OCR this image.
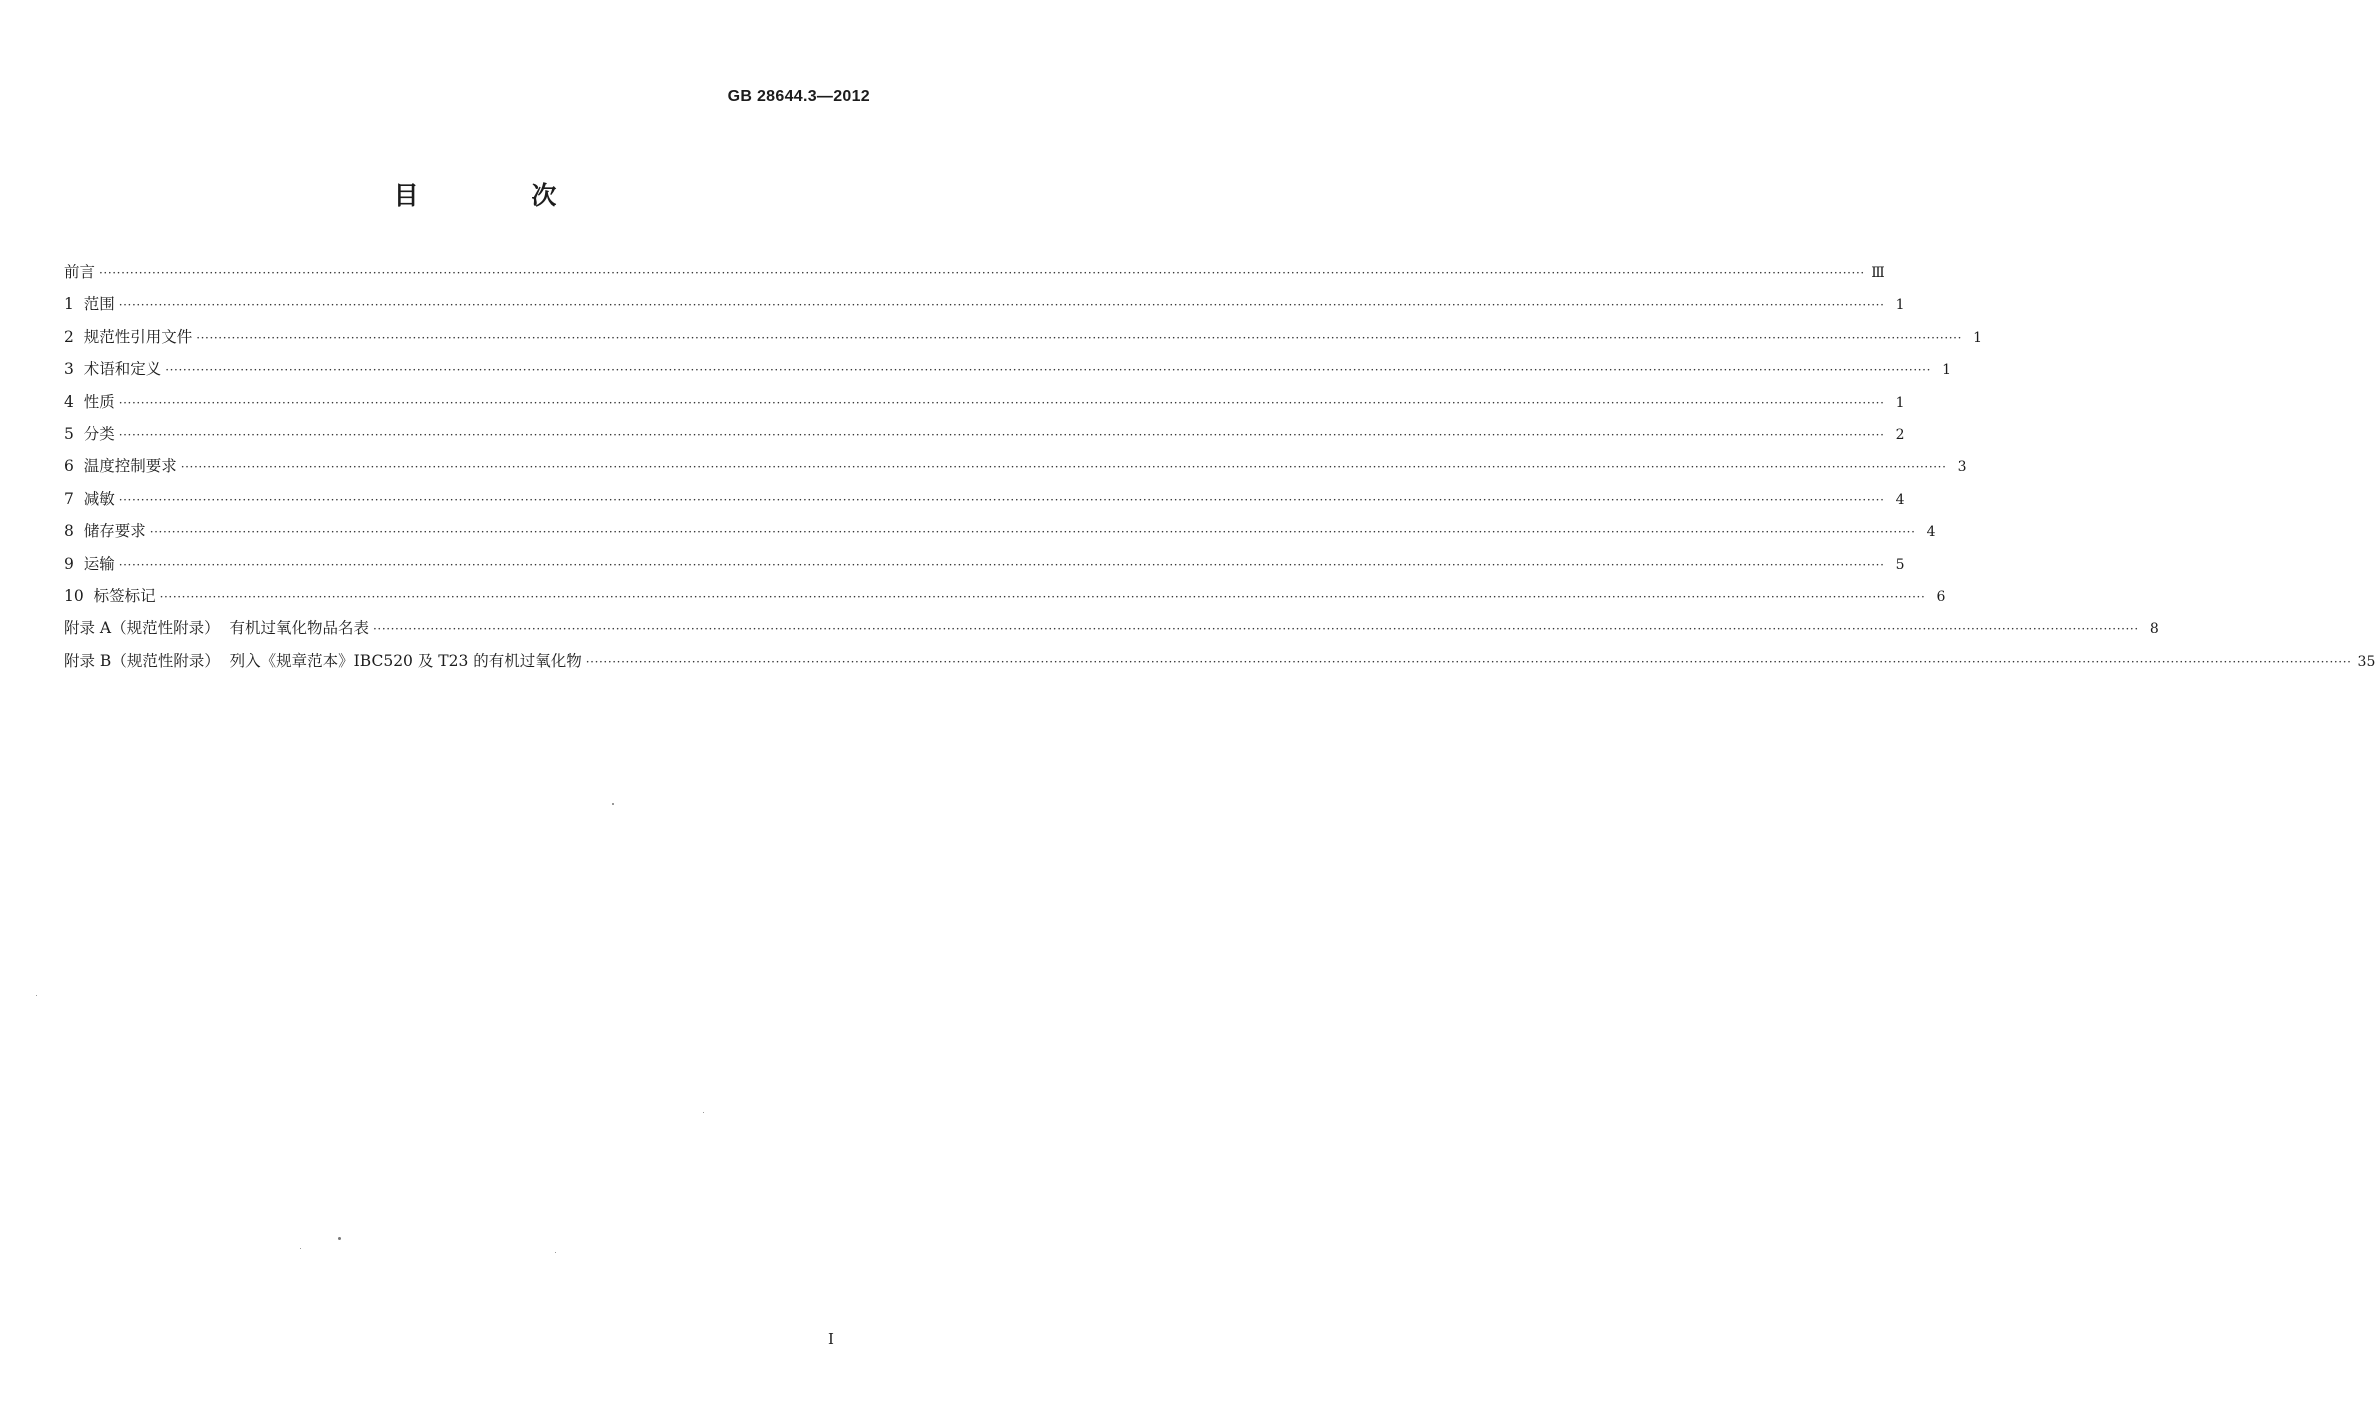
GB 28644.3—2012
目 次
前言 ················································································································································································································································································································································································································ Ⅲ
1  范围 ················································································································································································································································································································································································································ 1
2  规范性引用文件 ················································································································································································································································································································································································································ 1
3  术语和定义 ················································································································································································································································································································································································································ 1
4  性质 ················································································································································································································································································································································································································ 1
5  分类 ················································································································································································································································································································································································································ 2
6  温度控制要求 ················································································································································································································································································································································································································ 3
7  减敏 ················································································································································································································································································································································································································ 4
8  储存要求 ················································································································································································································································································································································································································ 4
9  运输 ················································································································································································································································································································································································································ 5
10  标签标记 ················································································································································································································································································································································································································ 6
附录 A（规范性附录）  有机过氧化物品名表 ················································································································································································································································································································································································································ 8
附录 B（规范性附录）  列入《规章范本》IBC520 及 T23 的有机过氧化物 ················································································································································································································································································································································································································ 35
I
